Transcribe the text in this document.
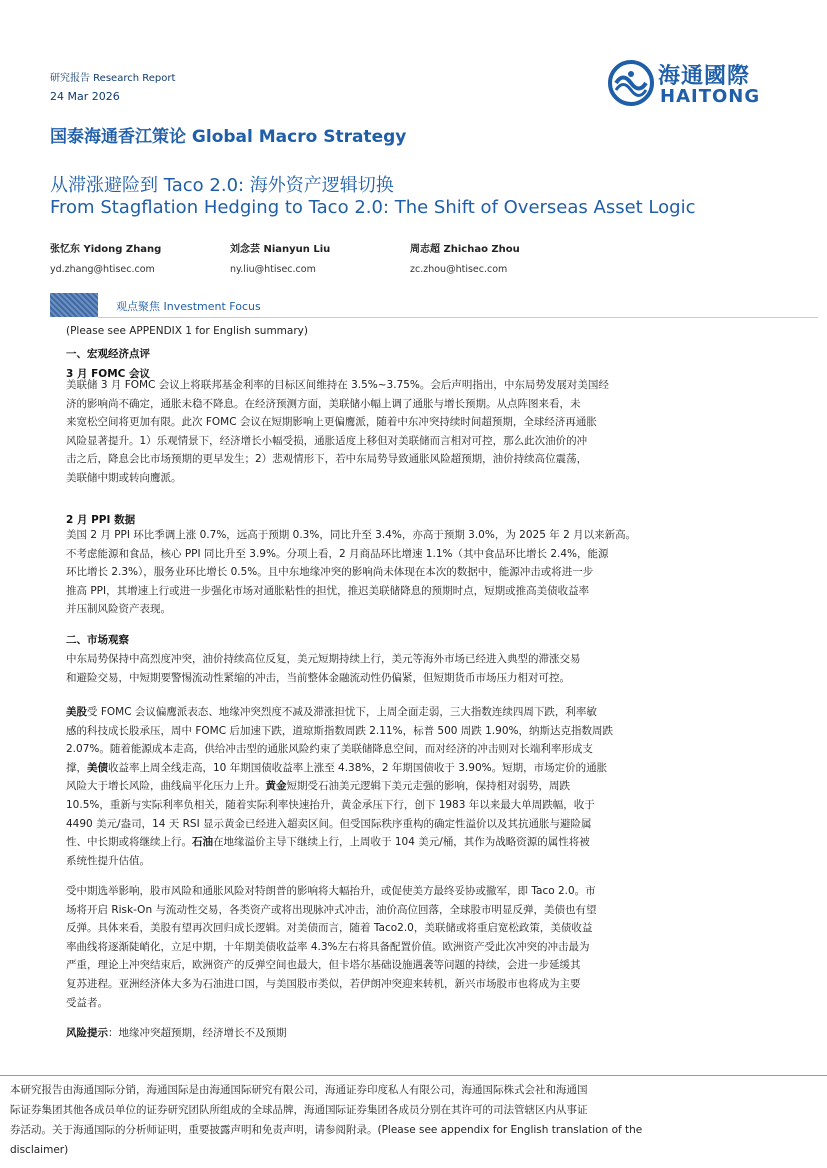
研究报告 Research Report
24 Mar 2026
海通國際
HAITONG
国泰海通香江策论 Global Macro Strategy
从滞涨避险到 Taco 2.0: 海外资产逻辑切换
From Stagflation Hedging to Taco 2.0: The Shift of Overseas Asset Logic
张忆东 Yidong Zhang
yd.zhang@htisec.com
刘念芸 Nianyun Liu
ny.liu@htisec.com
周志超 Zhichao Zhou
zc.zhou@htisec.com
观点聚焦 Investment Focus
(Please see APPENDIX 1 for English summary)
一、宏观经济点评
3 月 FOMC 会议
美联储 3 月 FOMC 会议上将联邦基金利率的目标区间维持在 3.5%~3.75%。会后声明指出，中东局势发展对美国经
济的影响尚不确定，通胀未稳不降息。在经济预测方面，美联储小幅上调了通胀与增长预期。从点阵图来看，未
来宽松空间将更加有限。此次 FOMC 会议在短期影响上更偏鹰派，随着中东冲突持续时间超预期，全球经济再通胀
风险显著提升。1）乐观情景下，经济增长小幅受损，通胀适度上移但对美联储而言相对可控，那么此次油价的冲
击之后，降息会比市场预期的更早发生；2）悲观情形下，若中东局势导致通胀风险超预期，油价持续高位震荡，
美联储中期或转向鹰派。
2 月 PPI 数据
美国 2 月 PPI 环比季调上涨 0.7%，远高于预期 0.3%，同比升至 3.4%，亦高于预期 3.0%，为 2025 年 2 月以来新高。
不考虑能源和食品，核心 PPI 同比升至 3.9%。分项上看，2 月商品环比增速 1.1%（其中食品环比增长 2.4%，能源
环比增长 2.3%），服务业环比增长 0.5%。且中东地缘冲突的影响尚未体现在本次的数据中，能源冲击或将进一步
推高 PPI，其增速上行或进一步强化市场对通胀粘性的担忧，推迟美联储降息的预期时点，短期或推高美债收益率
并压制风险资产表现。
二、市场观察
中东局势保持中高烈度冲突，油价持续高位反复，美元短期持续上行，美元等海外市场已经进入典型的滞涨交易
和避险交易，中短期要警惕流动性紧缩的冲击，当前整体金融流动性仍偏紧，但短期货币市场压力相对可控。
美股受 FOMC 会议偏鹰派表态、地缘冲突烈度不减及滞涨担忧下，上周全面走弱，三大指数连续四周下跌，利率敏
感的科技成长股承压，周中 FOMC 后加速下跌，道琼斯指数周跌 2.11%，标普 500 周跌 1.90%，纳斯达克指数周跌
2.07%。随着能源成本走高，供给冲击型的通胀风险约束了美联储降息空间，而对经济的冲击则对长端利率形成支
撑，美债收益率上周全线走高，10 年期国债收益率上涨至 4.38%，2 年期国债收于 3.90%。短期，市场定价的通胀
风险大于增长风险，曲线扁平化压力上升。黄金短期受石油美元逻辑下美元走强的影响，保持相对弱势，周跌
10.5%，重新与实际利率负相关，随着实际利率快速抬升，黄金承压下行，创下 1983 年以来最大单周跌幅，收于
4490 美元/盎司，14 天 RSI 显示黄金已经进入超卖区间。但受国际秩序重构的确定性溢价以及其抗通胀与避险属
性、中长期或将继续上行。石油在地缘溢价主导下继续上行，上周收于 104 美元/桶，其作为战略资源的属性将被
系统性提升估值。
受中期选举影响，股市风险和通胀风险对特朗普的影响将大幅抬升，或促使美方最终妥协或撤军，即 Taco 2.0。市
场将开启 Risk-On 与流动性交易，各类资产或将出现脉冲式冲击，油价高位回落，全球股市明显反弹，美债也有望
反弹。具体来看，美股有望再次回归成长逻辑。对美债而言，随着 Taco2.0，美联储或将重启宽松政策，美债收益
率曲线将逐渐陡峭化，立足中期，十年期美债收益率 4.3%左右将具备配置价值。欧洲资产受此次冲突的冲击最为
严重，理论上冲突结束后，欧洲资产的反弹空间也最大，但卡塔尔基础设施遇袭等问题的持续，会进一步延缓其
复苏进程。亚洲经济体大多为石油进口国，与美国股市类似，若伊朗冲突迎来转机，新兴市场股市也将成为主要
受益者。
风险提示：地缘冲突超预期，经济增长不及预期
本研究报告由海通国际分销，海通国际是由海通国际研究有限公司，海通证券印度私人有限公司，海通国际株式会社和海通国
际证券集团其他各成员单位的证券研究团队所组成的全球品牌，海通国际证券集团各成员分别在其许可的司法管辖区内从事证
券活动。关于海通国际的分析师证明，重要披露声明和免责声明，请参阅附录。(Please see appendix for English translation of the
disclaimer)
